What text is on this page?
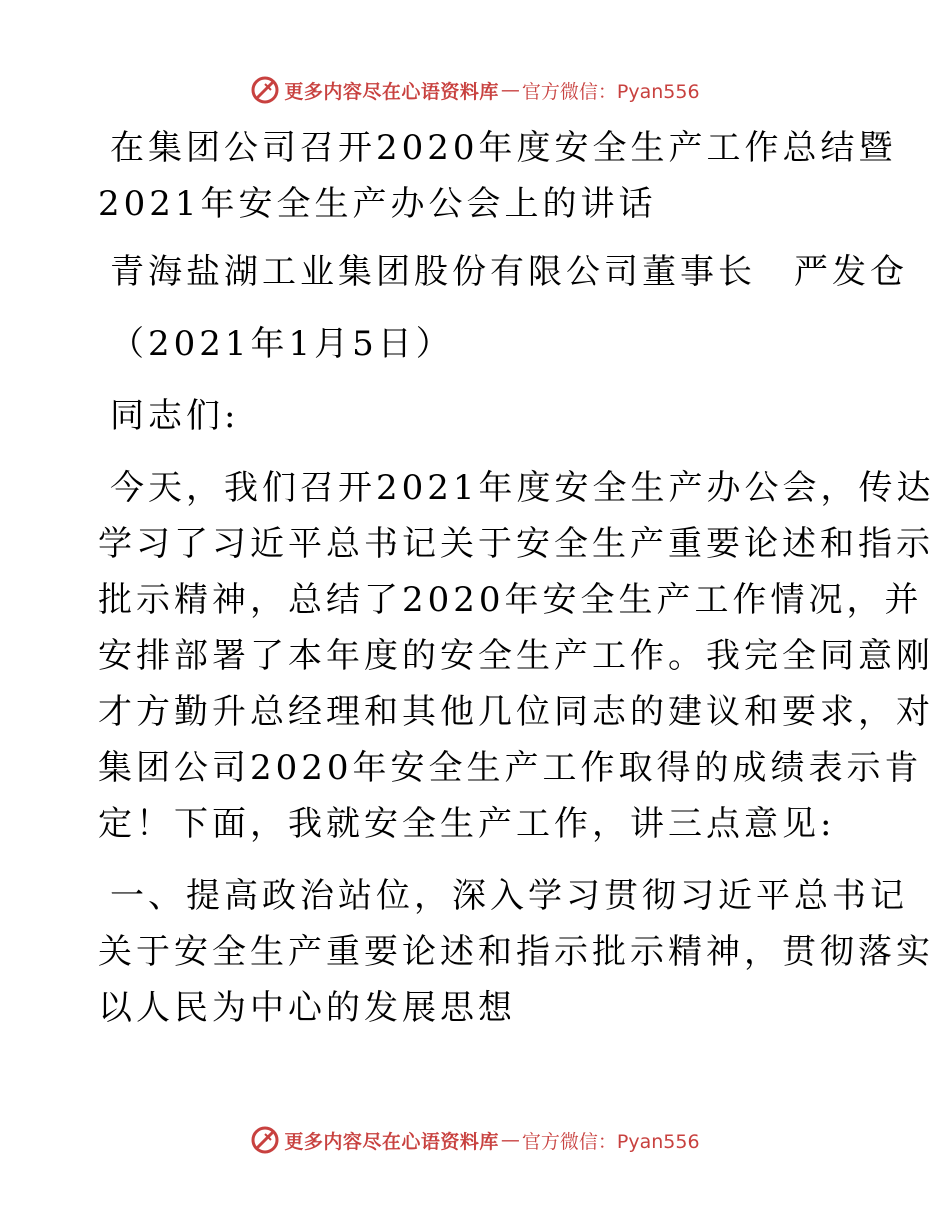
更多内容尽在心语资料库 — 官方微信：Pyan556
在集团公司召开2020年度安全生产工作总结暨
2021年安全生产办公会上的讲话
青海盐湖工业集团股份有限公司董事长　严发仓
（2021年1月5日）
同志们:
今天，我们召开2021年度安全生产办公会，传达
学习了习近平总书记关于安全生产重要论述和指示
批示精神，总结了2020年安全生产工作情况，并
安排部署了本年度的安全生产工作。我完全同意刚
才方勤升总经理和其他几位同志的建议和要求，对
集团公司2020年安全生产工作取得的成绩表示肯
定！下面，我就安全生产工作，讲三点意见:
一、提高政治站位，深入学习贯彻习近平总书记
关于安全生产重要论述和指示批示精神，贯彻落实
以人民为中心的发展思想
更多内容尽在心语资料库 — 官方微信：Pyan556
